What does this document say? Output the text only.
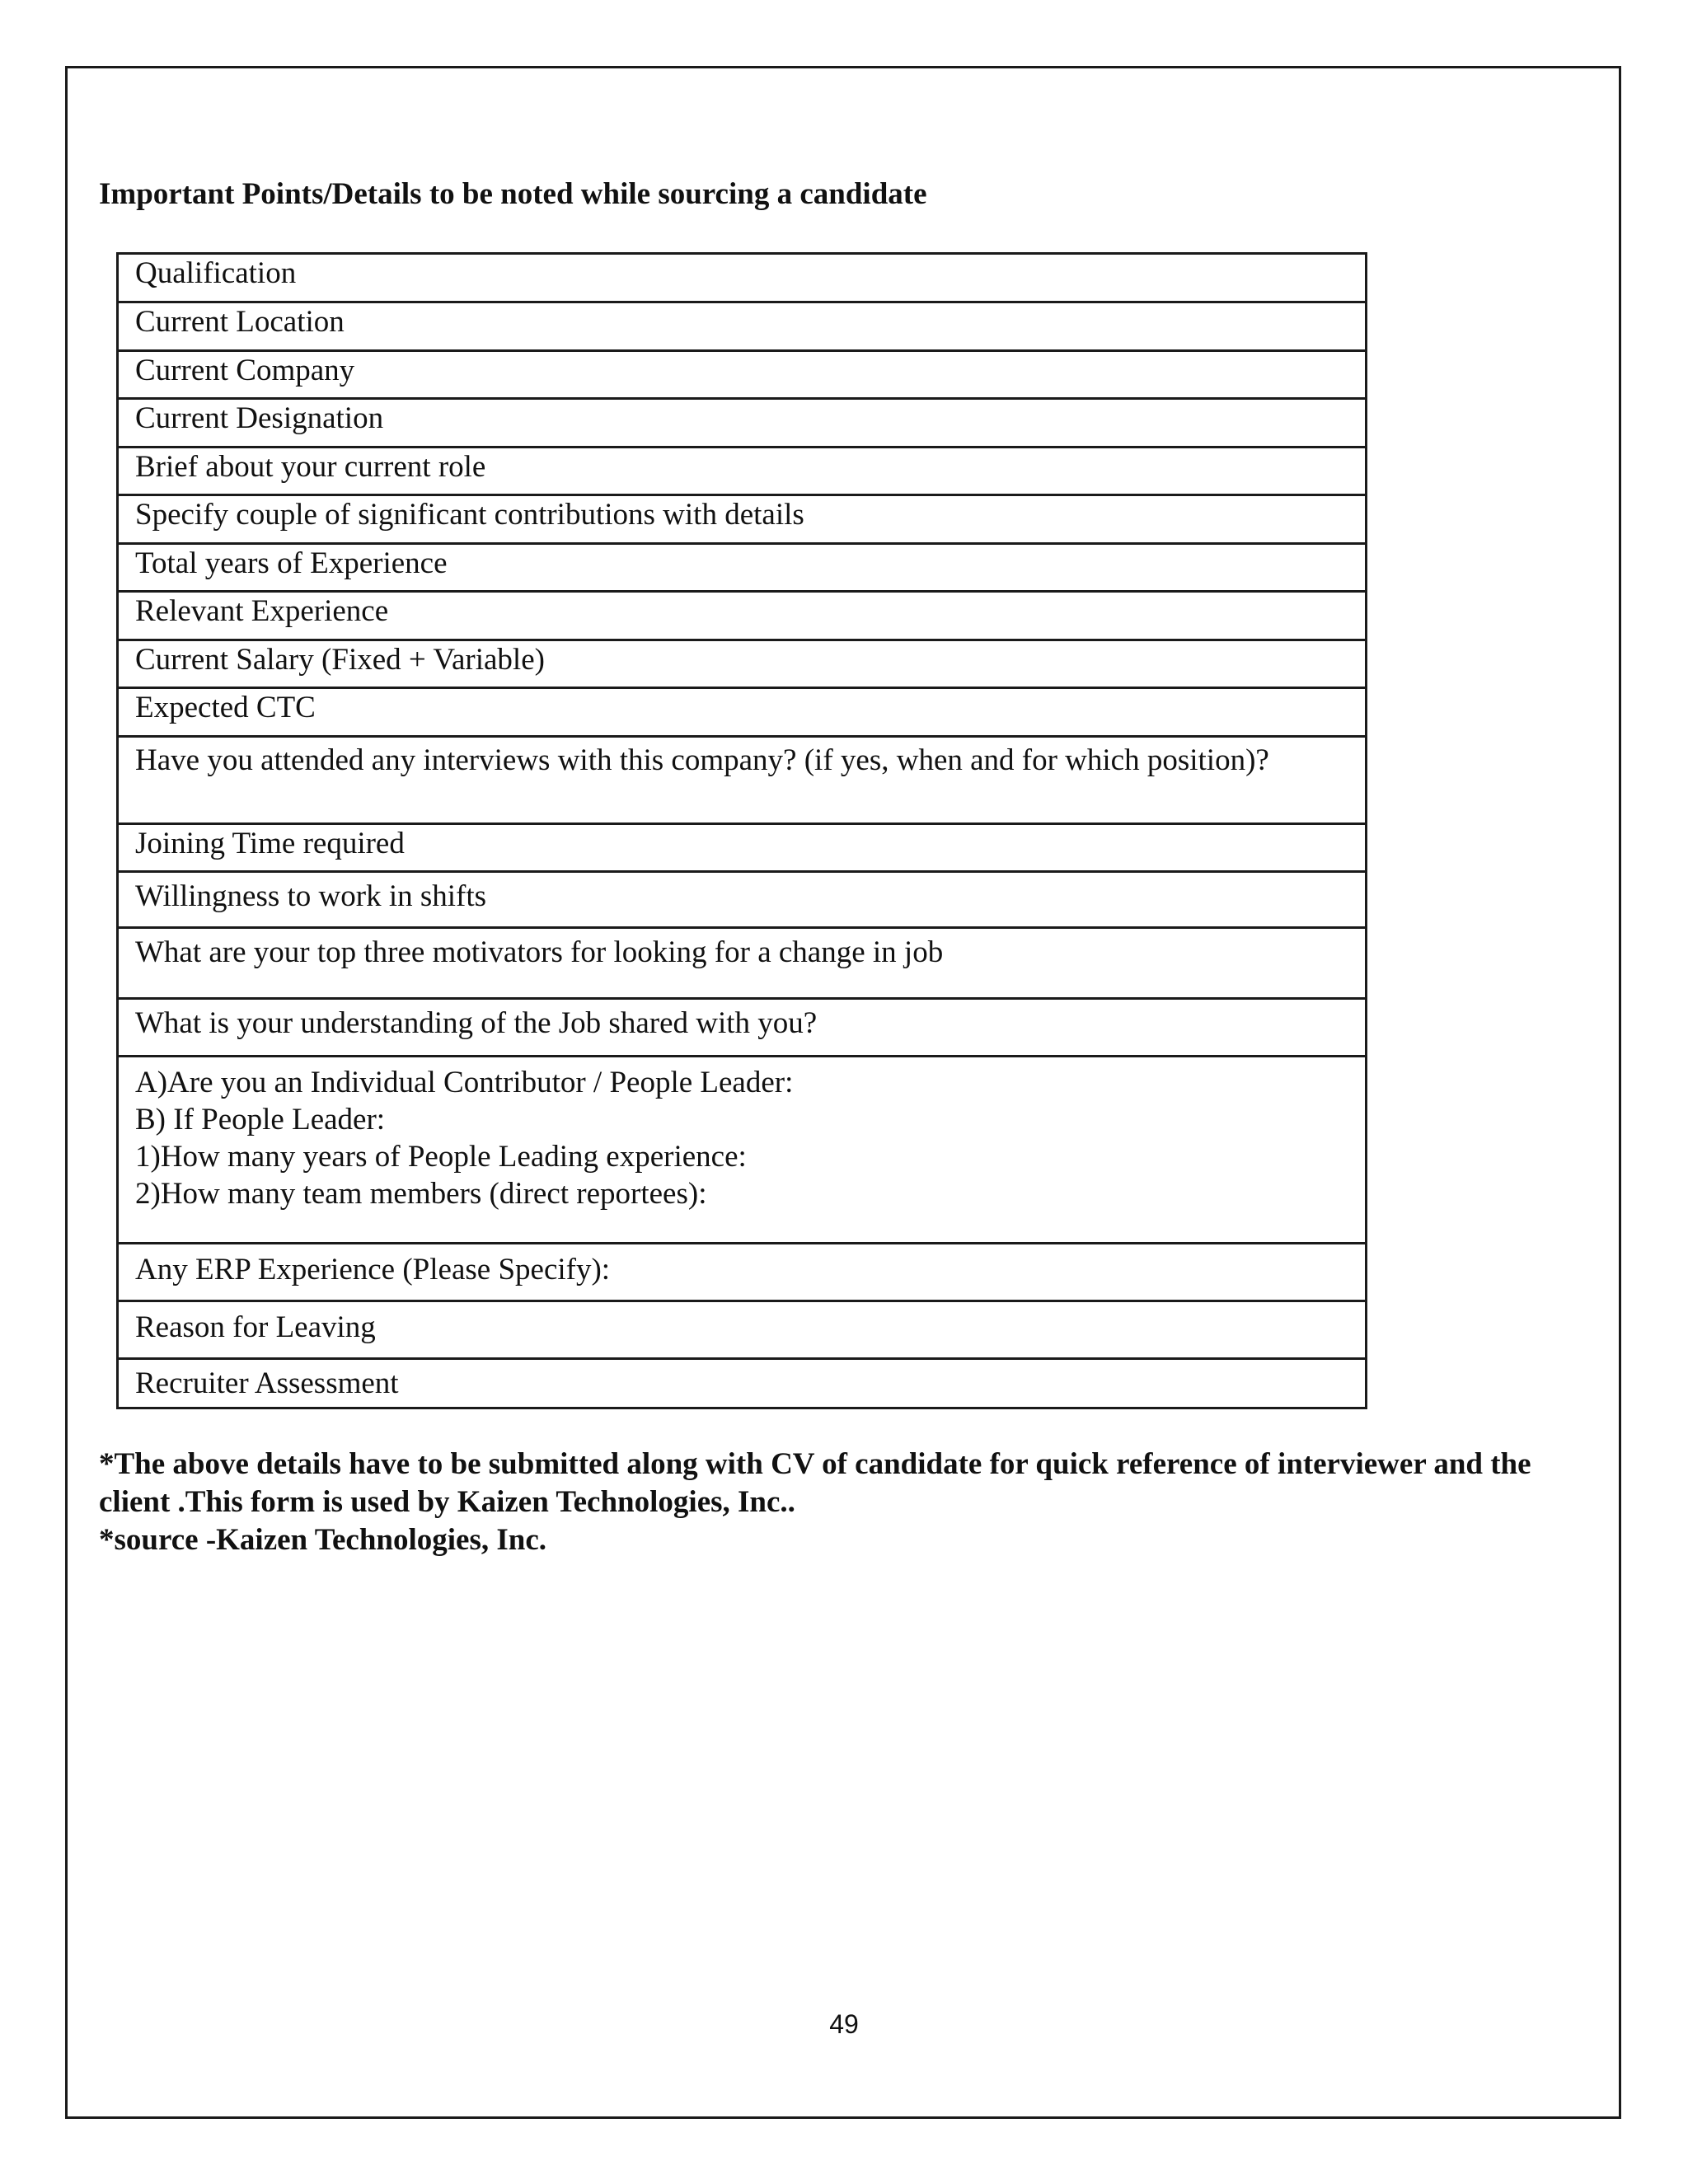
Important Points/Details to be noted while sourcing a candidate
Qualification

Current Location

Current Company

Current Designation

Brief about your current role

Specify couple of significant contributions with details

Total years of Experience

Relevant Experience

Current Salary (Fixed + Variable)

Expected CTC

Have you attended any interviews with this company? (if yes, when and for which position)?

Joining Time required

Willingness to work in shifts

What are your top three motivators for looking for a change in job

What is your understanding of the Job shared with you?

A)Are you an Individual Contributor / People Leader:
B) If People Leader:
1)How many years of People Leading experience:
2)How many team members (direct reportees):

Any ERP Experience (Please Specify):

Reason for Leaving

Recruiter Assessment

*The above details have to be submitted along with CV of candidate for quick reference of interviewer and the client .This form is used by Kaizen Technologies, Inc..

*source -Kaizen Technologies, Inc.

49
